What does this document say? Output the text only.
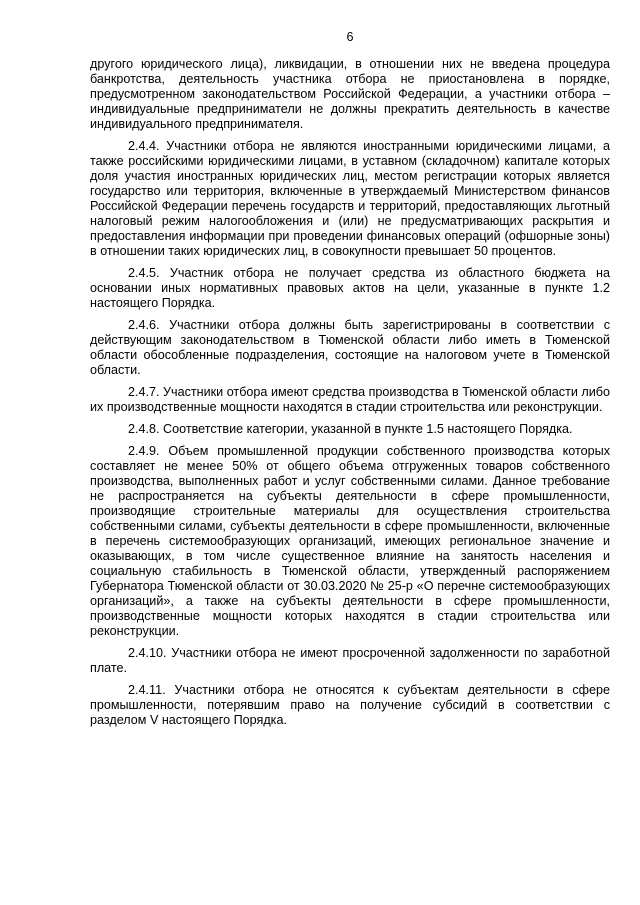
6

другого юридического лица), ликвидации, в отношении них не введена процедура банкротства, деятельность участника отбора не приостановлена в порядке, предусмотренном законодательством Российской Федерации, а участники отбора – индивидуальные предприниматели не должны прекратить деятельность в качестве индивидуального предпринимателя.

2.4.4. Участники отбора не являются иностранными юридическими лицами, а также российскими юридическими лицами, в уставном (складочном) капитале которых доля участия иностранных юридических лиц, местом регистрации которых является государство или территория, включенные в утверждаемый Министерством финансов Российской Федерации перечень государств и территорий, предоставляющих льготный налоговый режим налогообложения и (или) не предусматривающих раскрытия и предоставления информации при проведении финансовых операций (офшорные зоны) в отношении таких юридических лиц, в совокупности превышает 50 процентов.

2.4.5. Участник отбора не получает средства из областного бюджета на основании иных нормативных правовых актов на цели, указанные в пункте 1.2 настоящего Порядка.

2.4.6. Участники отбора должны быть зарегистрированы в соответствии с действующим законодательством в Тюменской области либо иметь в Тюменской области обособленные подразделения, состоящие на налоговом учете в Тюменской области.

2.4.7. Участники отбора имеют средства производства в Тюменской области либо их производственные мощности находятся в стадии строительства или реконструкции.

2.4.8. Соответствие категории, указанной в пункте 1.5 настоящего Порядка.

2.4.9. Объем промышленной продукции собственного производства которых составляет не менее 50% от общего объема отгруженных товаров собственного производства, выполненных работ и услуг собственными силами. Данное требование не распространяется на субъекты деятельности в сфере промышленности, производящие строительные материалы для осуществления строительства собственными силами, субъекты деятельности в сфере промышленности, включенные в перечень системообразующих организаций, имеющих региональное значение и оказывающих, в том числе существенное влияние на занятость населения и социальную стабильность в Тюменской области, утвержденный распоряжением Губернатора Тюменской области от 30.03.2020 № 25-р «О перечне системообразующих организаций», а также на субъекты деятельности в сфере промышленности, производственные мощности которых находятся в стадии строительства или реконструкции.

2.4.10. Участники отбора не имеют просроченной задолженности по заработной плате.

2.4.11. Участники отбора не относятся к субъектам деятельности в сфере промышленности, потерявшим право на получение субсидий в соответствии с разделом V настоящего Порядка.
